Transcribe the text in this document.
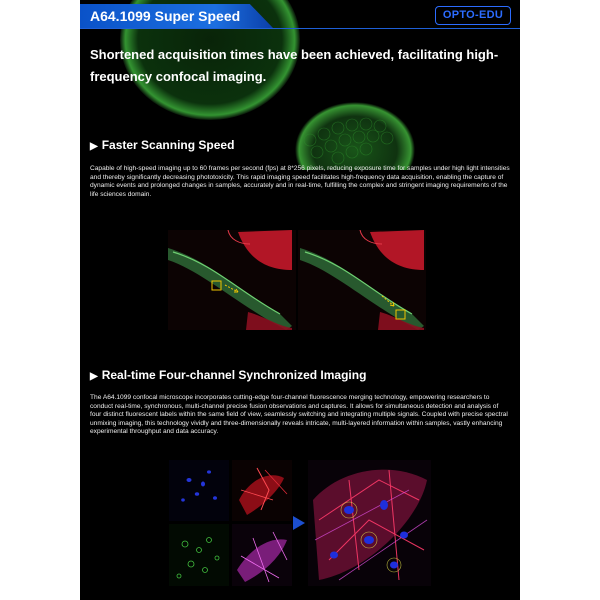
A64.1099 Super Speed	OPTO-EDU
Shortened acquisition times have been achieved, facilitating high-frequency confocal imaging.
▶ Faster Scanning Speed
Capable of high-speed imaging up to 60 frames per second (fps) at 8*256 pixels, reducing exposure time for samples under high light intensities and thereby significantly decreasing phototoxicity. This rapid imaging speed facilitates high-frequency data acquisition, enabling the capture of dynamic events and prolonged changes in samples, accurately and in real-time, fulfilling the complex and stringent imaging requirements of the life sciences domain.
▶ Real-time Four-channel Synchronized Imaging
The A64.1099 confocal microscope incorporates cutting-edge four-channel fluorescence merging technology, empowering researchers to conduct real-time, synchronous, multi-channel precise fusion observations and captures. It allows for simultaneous detection and analysis of four distinct fluorescent labels within the same field of view, seamlessly switching and integrating multiple signals. Coupled with precise spectral unmixing imaging, this technology vividly and three-dimensionally reveals intricate, multi-layered information within samples, vastly enhancing experimental throughput and data accuracy.
